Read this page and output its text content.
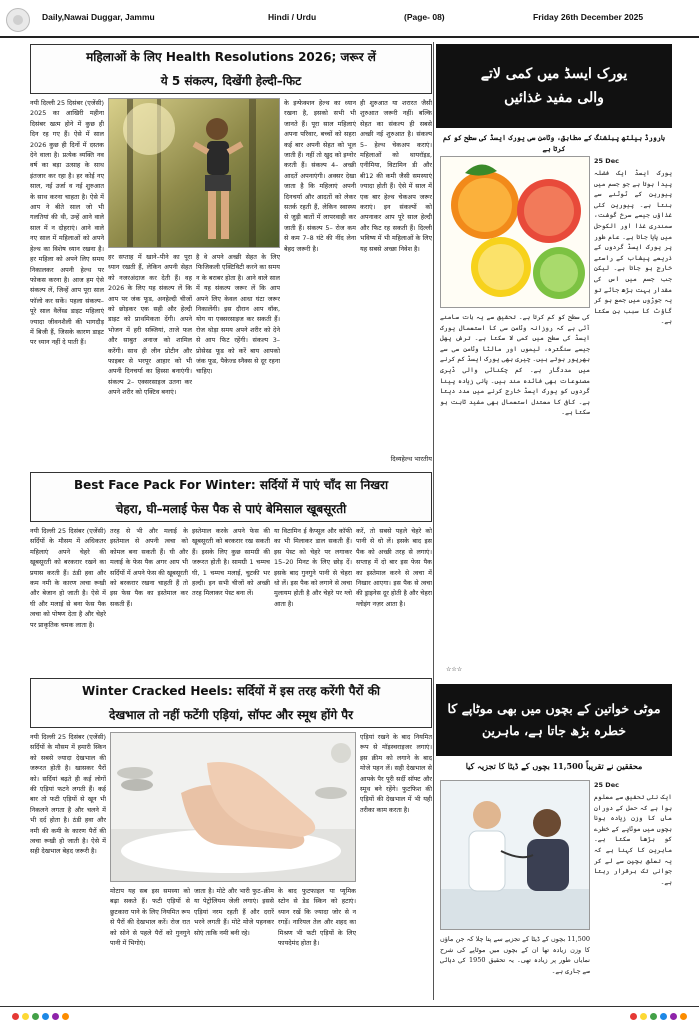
Daily,Nawai Duggar, Jammu	Hindi / Urdu	(Page- 08)	Friday 26th December 2025
महिलाओं के लिए Health Resolutions 2026; जरूर लें
ये 5 संकल्प, दिखेंगी हेल्दी–फिट
नयी दिल्ली 25 दिसंबर (एजेंसी) 2025 का आखिरी महीना दिसंबर खत्म होने में कुछ ही दिन रह गए हैं। ऐसे में साल 2026 कुछ ही दिनों में दस्तक देने वाला है। प्रत्येक व्यक्ति नव वर्ष का बड़ा उत्साह के साथ इंतजार कर रहा है। हर कोई नए साल, नई उर्जा व नई शुरुआत के साथ करना चाहता है। ऐसे में आप ने बीते साल जो भी गलतियां की थी, उन्हें आने वाले साल में न दोहराएं। आने वाले नए साल में महिलाओं को अपने हेल्थ का विशेष ध्यान रखना है। हर महिला को अपने लिए समय निकालकर अपनी हेल्थ पर फोकस करना है। आज हम ऐसे संकल्प लें, जिन्हें आप पूरा साल फॉलो कर सकें। पहला संकल्प– पूरे साल वैलेंस्ड डाइट महिलाएं ज्यादा जीवनशैली की भागदौड़ में बिजी हैं, जिसके कारण डाइट पर ध्यान नहीं दे पाती हैं।
हर सप्ताह में खाने–पीने का पूरा ध्यान रखती हैं, लेकिन अपनी सेहत को नजरअंदाज कर देती हैं। वह 2026 के लिए यह संकल्प लें कि आप पर जंक फूड, अनहेल्दी चीजों को छोड़कर एक सही और हेल्दी डाइट को प्राथमिकता देंगी। अपने भोजन में हरी सब्जियां, ताजे फल और साबुत अनाज को शामिल करेंगी। साथ ही लीन प्रोटीन और फाइबर से भरपूर आहार को भी अपनी दिनचर्या का हिस्सा बनाएंगी। संकल्प 2– एक्सरसाइज उतना कर अपने शरीर को एक्टिव बनाएं।
है वे अपने अच्छी सेहत के लिए फिजिकली एक्टिविटी करने का समय न के बराबर होता है। आने वाले साल में यह संकल्प जरूर लें कि आप अपने लिए केवल आधा घंटा जरूर निकालेंगी। इस दौरान आप वॉक, योग या एक्सरसाइज कर सकती हैं। रोज थोड़ा समय अपने शरीर को देने से आप फिट रहेंगी। संकल्प 3– प्रोसेस्ड फूड को करें बाय आपको जंक फूड, पैकेज्ड स्नैक्स से दूर रहना चाहिए।
के इन्फेक्शन हेल्थ का ध्यान रखना है, इसको सभी भी जानते हैं। पूरा साल महिलाएं अपना परिवार, बच्चों को सहरा कई बार अपनी सेहत को भूल जाती हैं। नहीं तो खुद को इग्नोर करती हैं। संकल्प 4– अच्छी आदतें अपनाएंगी। अक्सर देखा जाता है कि महिलाएं अपनी दिनचर्या और आदतों को लेकर सतर्क रहती हैं, लेकिन स्वास्थ्य से जुड़ी बातों में लापरवाही कर जाती हैं। संकल्प 5– रोज कम से कम 7–8 घंटे की नींद लेना बेहद जरूरी है।
ही शुरुआत या शरारत जैसी शुरुआत जरूरी नहीं। बल्कि सेहत का संकल्प ही सबसे अच्छी नई शुरुआत है। संकल्प 5– हेल्थ चेकअप कराएं। महिलाओं को थायरॉइड, एनीमिया, विटामिन डी और बी12 की कमी जैसी समस्याएं ज्यादा होती हैं। ऐसे में साल में एक बार हेल्थ चेकअप जरूर कराएं। इन संकल्पों को अपनाकर आप पूरे साल हेल्दी और फिट रह सकती हैं। दिल्ली भविष्य में भी महिलाओं के लिए यह सबसे अच्छा निवेश है।
दिव्यहेल्थ भारतीय
Best Face Pack For Winter: सर्दियों में पाएं चाँद सा निखरा
चेहरा, घी–मलाई फेस पैक से पाएं बेमिसाल खूबसूरती
नयी दिल्ली 25 दिसंबर (एजेंसी) सर्दियों के मौसम में अधिकतर महिलाएं अपने चेहरे की खूबसूरती को बरकरार रखने का प्रयास करती हैं। ठंडी हवा और कम नमी के कारण त्वचा रूखी और बेजान हो जाती है। ऐसे में घी और मलाई से बना फेस पैक त्वचा को पोषण देता है और चेहरे पर प्राकृतिक चमक लाता है।
तरह से भी और मलाई के इस्तेमाल से अपनी त्वचा को कोमल बना सकती हैं। घी और मलाई के फेस पैक अगर आप भी सर्दियों में अपने फेस की खूबसूरती को बरकरार रखना चाहती हैं तो इस फेस पैक का इस्तेमाल कर सकती हैं।
इस्तेमाल करके अपने फेस की खूबसूरती को बरकरार रख सकती हैं। इसके लिए कुछ सामग्री की जरूरत होती है। सामग्री 1 चम्मच घी, 1 चम्मच मलाई, चुटकी भर हल्दी। इन सभी चीजों को अच्छी तरह मिलाकर पेस्ट बना लें।
या विटामिन ई कैप्सूल और कॉफी का भी मिलाकर डाल सकती हैं। इस पेस्ट को चेहरे पर लगाकर 15–20 मिनट के लिए छोड़ दें। इसके बाद गुनगुने पानी से चेहरा धो लें। इस पैक को लगाने से त्वचा मुलायम होती है और चेहरे पर ग्लो आता है।
करें, तो सबसे पहले चेहरे को पानी से धो लें। इसके बाद इस पैक को अच्छी तरह से लगाएं। सप्ताह में दो बार इस फेस पैक का इस्तेमाल करने से त्वचा में निखार आएगा। इस पैक से त्वचा की ड्राइनेस दूर होती है और चेहरा ग्लोइंग नज़र आता है।
Winter Cracked Heels: सर्दियों में इस तरह करेंगी पैरों की
देखभाल तो नहीं फटेंगी एड़ियां, सॉफ्ट और स्मूथ होंगे पैर
नयी दिल्ली 25 दिसंबर (एजेंसी) सर्दियों के मौसम में हमारी स्किन को सबसे ज्यादा देखभाल की जरूरत होती है। खासकर पैरों को। सर्दियां बढ़ते ही कई लोगों की एड़ियां फटने लगती हैं। कई बार तो फटी एड़ियों से खून भी निकलने लगता है और चलने में भी दर्द होता है। ठंडी हवा और नमी की कमी के कारण पैरों की त्वचा रूखी हो जाती है। ऐसे में सही देखभाल बेहद जरूरी है।
एड़ियां रखने के बाद नियमित रूप से मॉइस्चराइजर लगाएं। इस क्रीम को लगाने के बाद मोजे पहन लें। सही देखभाल से आपके पैर पूरी सर्दी सॉफ्ट और स्मूथ बने रहेंगे। फुटफिश की एड़ियों की देखभाल में भी यही तरीका काम करता है।
मोटाप यह सब इस समस्या को बढ़ा सकते हैं। फटी एड़ियों से छुटकारा पाने के लिए नियमित रूप से पैरों की देखभाल करें। रोज रात को सोने से पहले पैरों को गुनगुने पानी में भिगोएं।
जाता है। मोटे और भारी फुट–क्रीम या पेट्रोलियम जेली लगाएं। इससे एड़ियां नरम रहती हैं और दरारें भरने लगती हैं। मोटे मोजे पहनकर सोएं ताकि नमी बनी रहे।
के बाद फुटफाइल या प्यूमिक स्टोन से डेड स्किन को हटाएं। ध्यान रखें कि ज्यादा जोर से न रगड़ें। नारियल तेल और शहद का मिश्रण भी फटी एड़ियों के लिए फायदेमंद होता है।
یورک ایسڈ میں کمی لاتے
والی مفید غذائیں
ہارورڈ ہیلتھ پبلشنگ کے مطابق، وٹامن سی یورک ایسڈ کی سطح کو کم کرتا ہے
25 Dec
یورک ایسڈ ایک فضلہ پیدا ہوتا ہے جو جسم میں پیورین کے ٹوٹنے سے بنتا ہے۔ پیورین کئی غذاؤں جیسے سرخ گوشت، سمندری غذا اور الکوحل میں پایا جاتا ہے۔ عام طور پر یورک ایسڈ گردوں کے ذریعے پیشاب کے راستے خارج ہو جاتا ہے۔ لیکن جب جسم میں اس کی مقدار بہت بڑھ جائے تو یہ جوڑوں میں جمع ہو کر گاؤٹ کا سبب بن سکتا ہے۔
کی سطح کو کم کرتا ہے۔ تحقیق سے یہ بات سامنے آئی ہے کہ روزانہ وٹامن سی کا استعمال یورک ایسڈ کی سطح میں کمی لا سکتا ہے۔ ترش پھل جیسے سنگترہ، لیموں اور مالٹا وٹامن سی سے بھرپور ہوتے ہیں۔ چیری بھی یورک ایسڈ کم کرنے میں مددگار ہے۔ کم چکنائی والی ڈیری مصنوعات بھی فائدہ مند ہیں۔ پانی زیادہ پینا گردوں کو یورک ایسڈ خارج کرنے میں مدد دیتا ہے۔ کافی کا معتدل استعمال بھی مفید ثابت ہو سکتا ہے۔
☆☆☆
موٹی خواتین کے بچوں میں بھی موٹاپے کا
خطرہ بڑھ جاتا ہے، ماہرین
محققین نے تقریباً 11,500 بچوں کے ڈیٹا کا تجزیہ کیا
25 Dec
ایک نئی تحقیق سے معلوم ہوا ہے کہ حمل کے دوران ماں کا وزن زیادہ ہونا بچوں میں موٹاپے کے خطرے کو بڑھا سکتا ہے۔ ماہرین کا کہنا ہے کہ یہ تعلق بچپن سے لے کر جوانی تک برقرار رہتا ہے۔
11,500 بچوں کے ڈیٹا کے تجزیے سے پتا چلا کہ جن ماؤں کا وزن زیادہ تھا ان کے بچوں میں موٹاپے کی شرح نمایاں طور پر زیادہ تھی۔ یہ تحقیق 1950 کی دہائی سے جاری ہے۔
